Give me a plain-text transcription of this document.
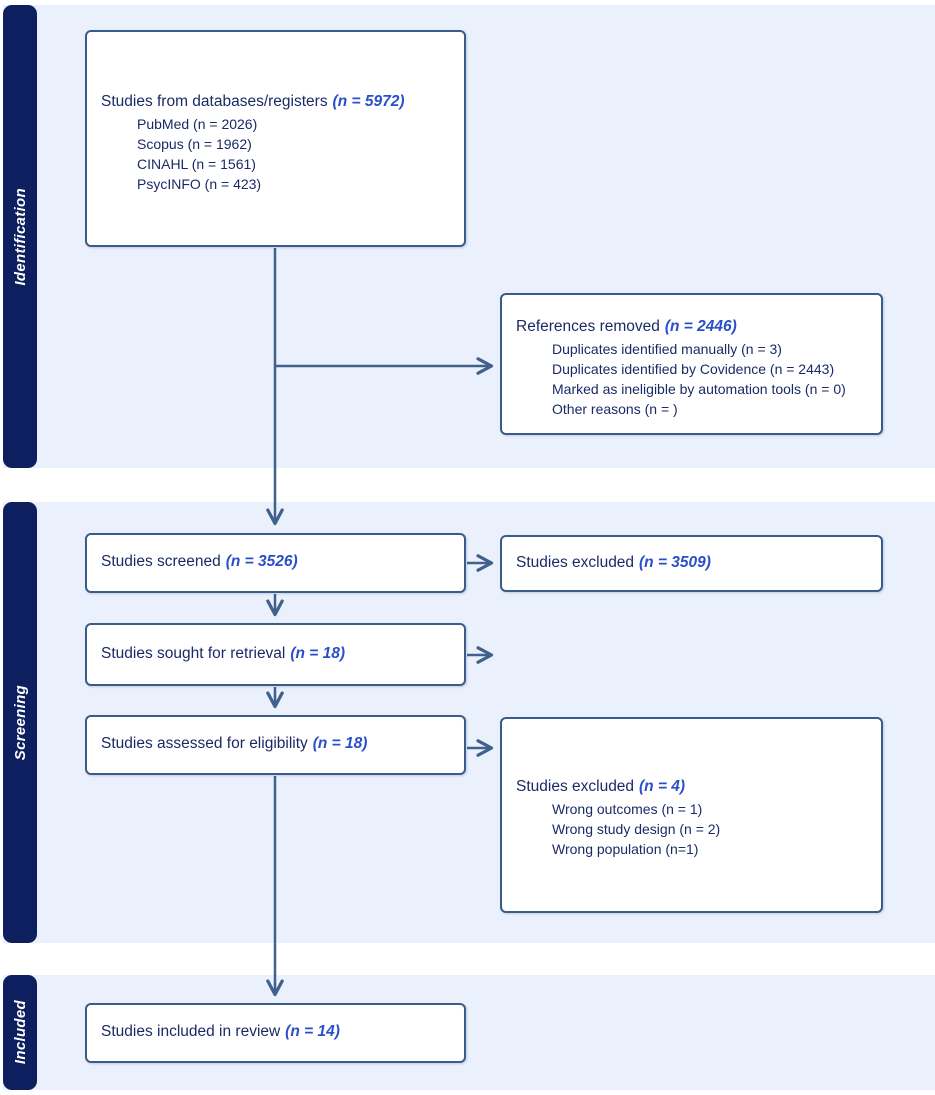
Identification
Screening
Included
Studies from databases/registers (n = 5972)
PubMed (n = 2026)
Scopus (n = 1962)
CINAHL (n = 1561)
PsycINFO (n = 423)
References removed (n = 2446)
Duplicates identified manually (n = 3)
Duplicates identified by Covidence (n = 2443)
Marked as ineligible by automation tools (n = 0)
Other reasons (n = )
Studies screened (n = 3526)	Studies excluded (n = 3509)
Studies sought for retrieval (n = 18)
Studies assessed for eligibility (n = 18)
Studies excluded (n = 4)
Wrong outcomes (n = 1)
Wrong study design (n = 2)
Wrong population (n=1)
Studies included in review (n = 14)
